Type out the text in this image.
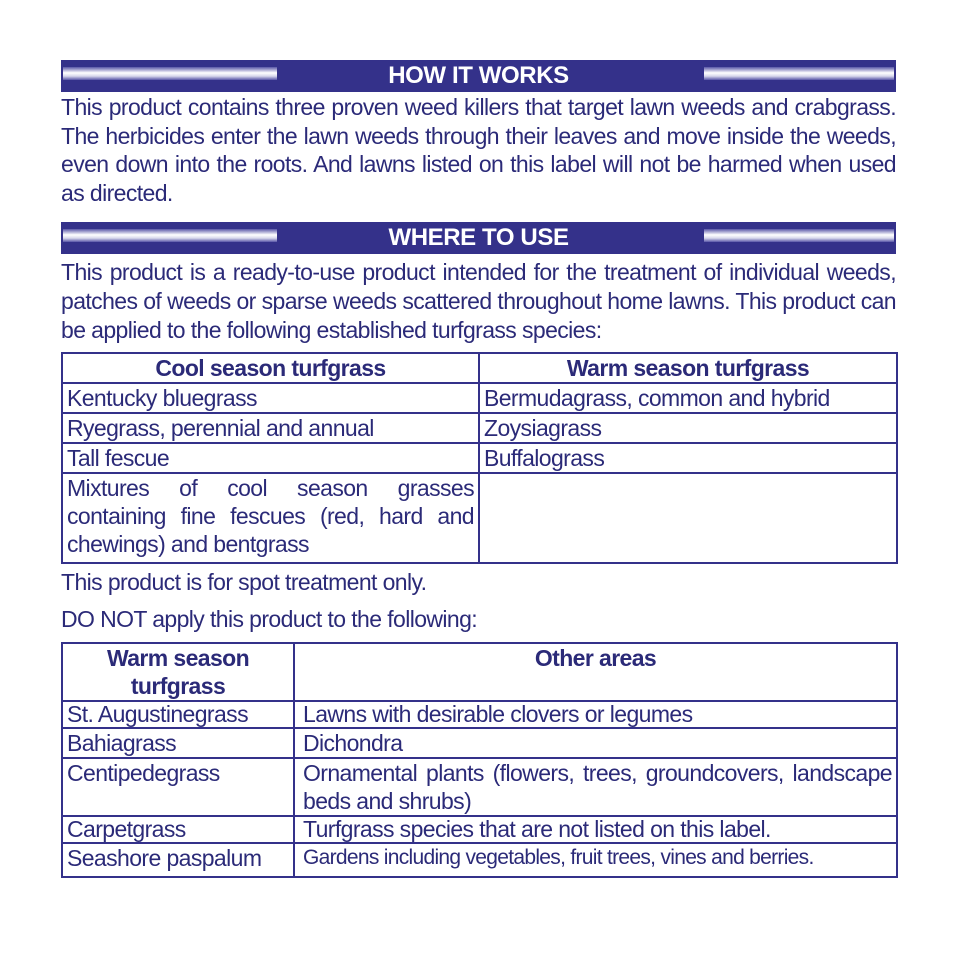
HOW IT WORKS

This product contains three proven weed killers that target lawn weeds and crabgrass. The herbicides enter the lawn weeds through their leaves and move inside the weeds, even down into the roots. And lawns listed on this label will not be harmed when used as directed.

WHERE TO USE

This product is a ready-to-use product intended for the treatment of individual weeds, patches of weeds or sparse weeds scattered throughout home lawns. This product can be applied to the following established turfgrass species:

Cool season turfgrass	Warm season turfgrass
Kentucky bluegrass	Bermudagrass, common and hybrid
Ryegrass, perennial and annual	Zoysiagrass
Tall fescue	Buffalograss
Mixtures of cool season grasses containing fine fescues (red, hard and chewings) and bentgrass	
This product is for spot treatment only.
DO NOT apply this product to the following:
Warm season turfgrass	Other areas
St. Augustinegrass	Lawns with desirable clovers or legumes
Bahiagrass	Dichondra
Centipedegrass	Ornamental plants (flowers, trees, groundcovers, landscape beds and shrubs)
Carpetgrass	Turfgrass species that are not listed on this label.
Seashore paspalum	Gardens including vegetables, fruit trees, vines and berries.
